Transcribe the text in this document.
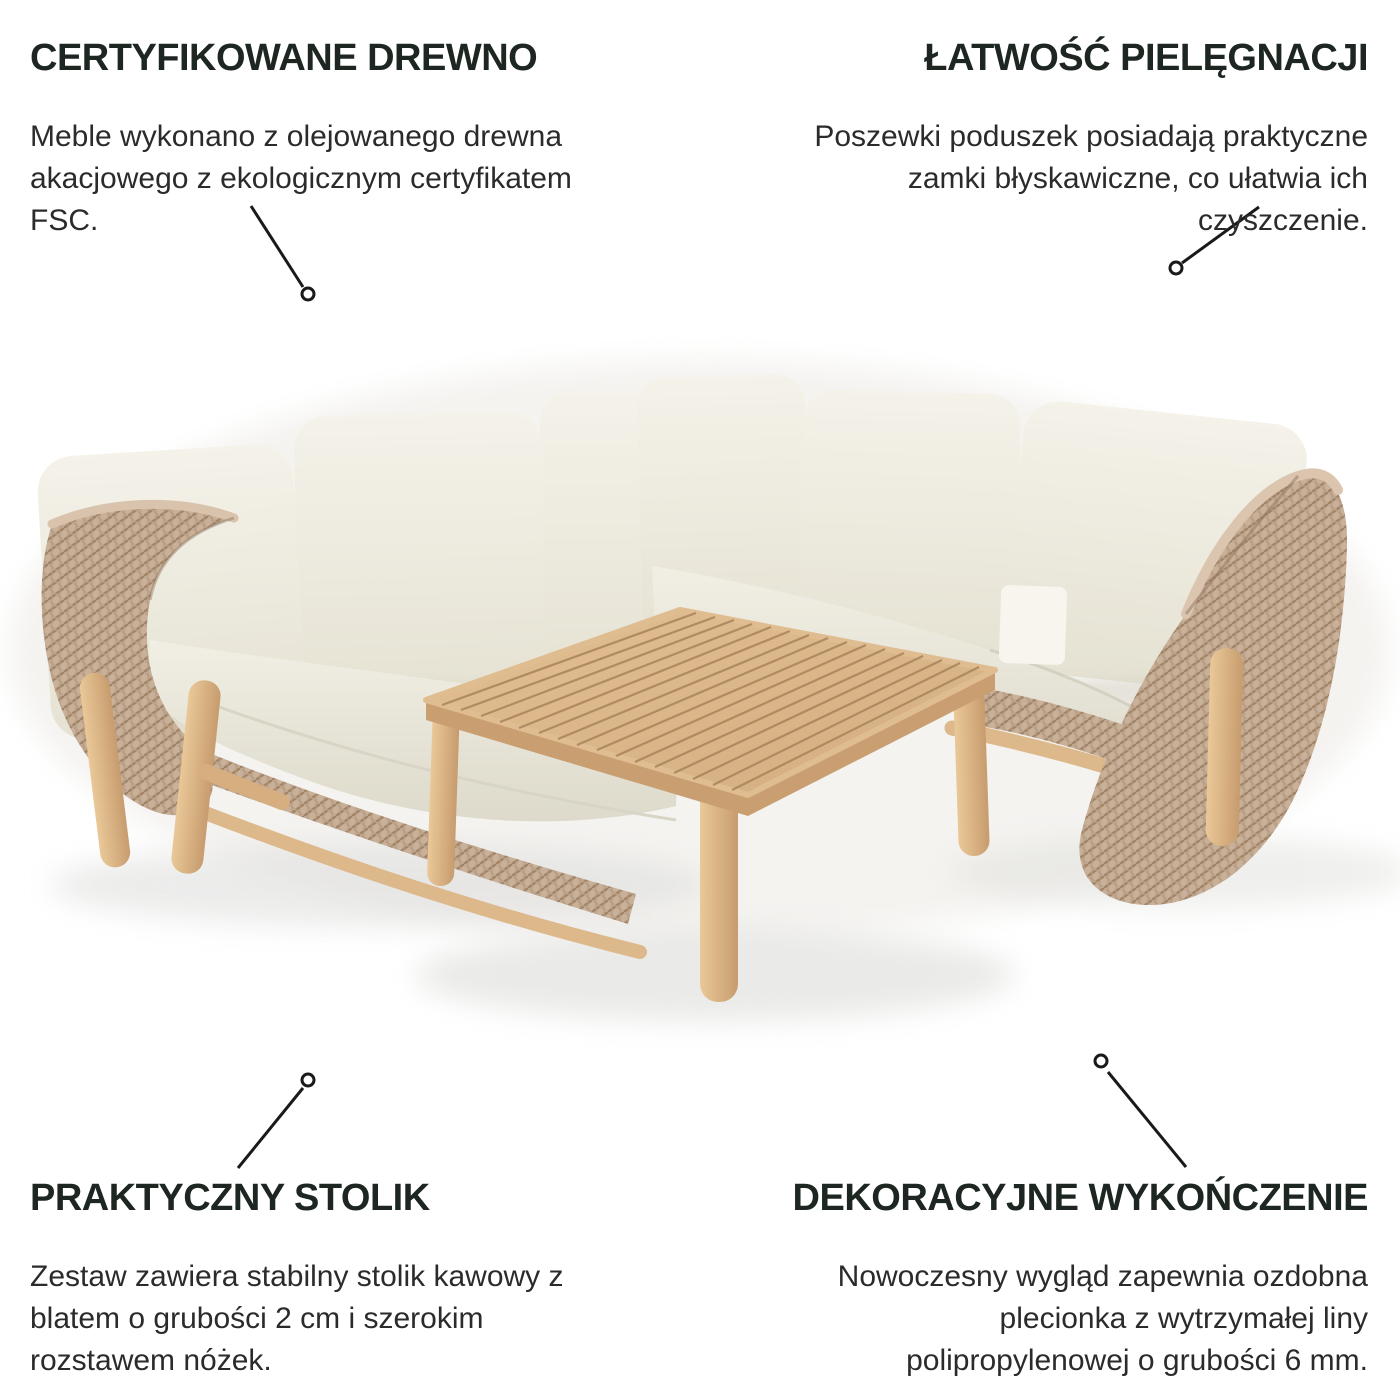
CERTYFIKOWANE DREWNO
Meble wykonano z olejowanego drewna
akacjowego z ekologicznym certyfikatem
FSC.
ŁATWOŚĆ PIELĘGNACJI
Poszewki poduszek posiadają praktyczne
zamki błyskawiczne, co ułatwia ich
czyszczenie.
PRAKTYCZNY STOLIK
Zestaw zawiera stabilny stolik kawowy z
blatem o grubości 2 cm i szerokim
rozstawem nóżek.
DEKORACYJNE WYKOŃCZENIE
Nowoczesny wygląd zapewnia ozdobna
plecionka z wytrzymałej liny
polipropylenowej o grubości 6 mm.
